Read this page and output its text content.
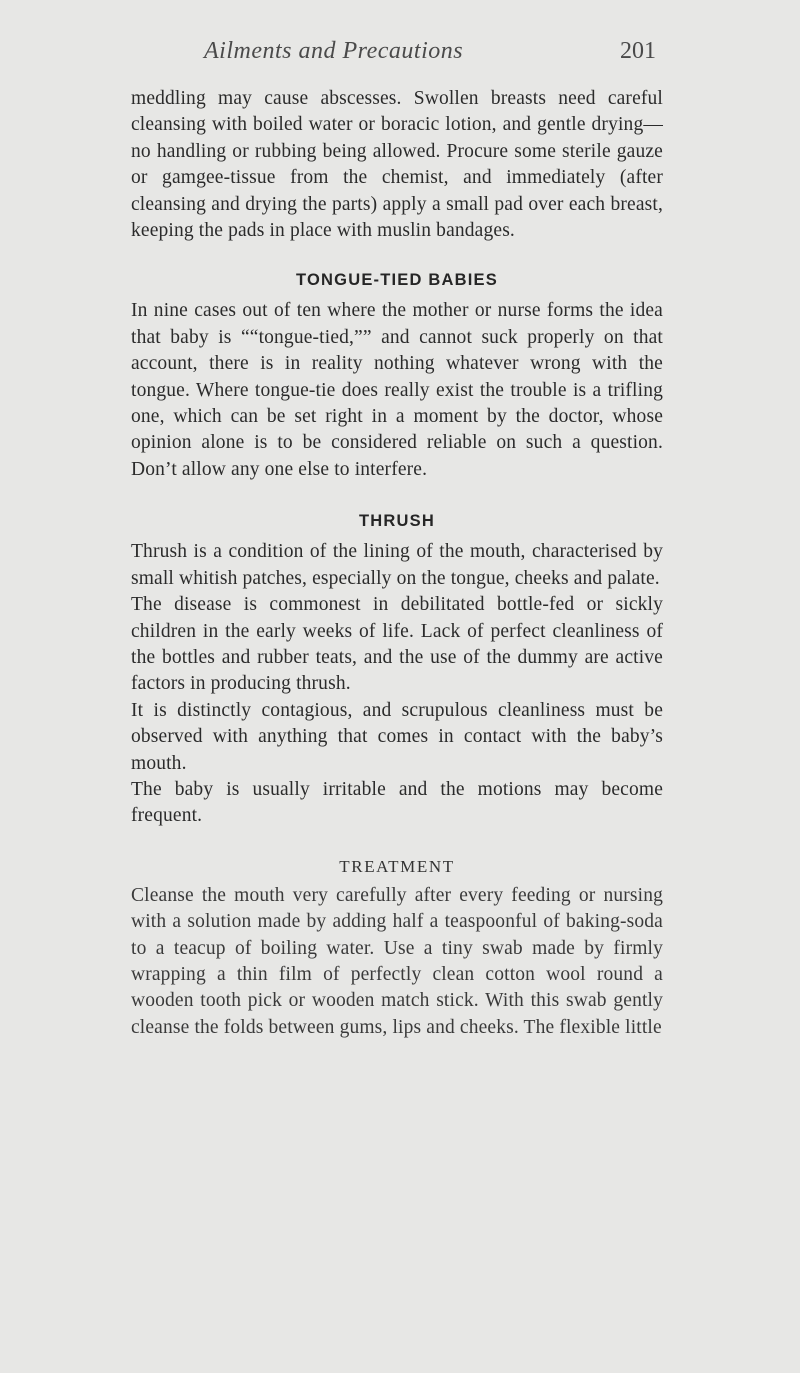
Ailments and Precautions	201

meddling may cause abscesses. Swollen breasts need careful cleansing with boiled water or boracic lotion, and gentle drying—no handling or rubbing being allowed. Procure some sterile gauze or gamgee-tissue from the chemist, and immediately (after cleansing and drying the parts) apply a small pad over each breast, keeping the pads in place with muslin bandages.

TONGUE-TIED BABIES

In nine cases out of ten where the mother or nurse forms the idea that baby is ““tongue-tied,”” and cannot suck properly on that account, there is in reality nothing whatever wrong with the tongue. Where tongue-tie does really exist the trouble is a trifling one, which can be set right in a moment by the doctor, whose opinion alone is to be considered reliable on such a question. Don’t allow any one else to interfere.

THRUSH

Thrush is a condition of the lining of the mouth, characterised by small whitish patches, especially on the tongue, cheeks and palate.

The disease is commonest in debilitated bottle-fed or sickly children in the early weeks of life. Lack of perfect cleanliness of the bottles and rubber teats, and the use of the dummy are active factors in producing thrush.

It is distinctly contagious, and scrupulous cleanliness must be observed with anything that comes in contact with the baby’s mouth.

The baby is usually irritable and the motions may become frequent.

TREATMENT

Cleanse the mouth very carefully after every feeding or nursing with a solution made by adding half a teaspoonful of baking-soda to a teacup of boiling water. Use a tiny swab made by firmly wrapping a thin film of perfectly clean cotton wool round a wooden tooth pick or wooden match stick. With this swab gently cleanse the folds between gums, lips and cheeks. The flexible little
